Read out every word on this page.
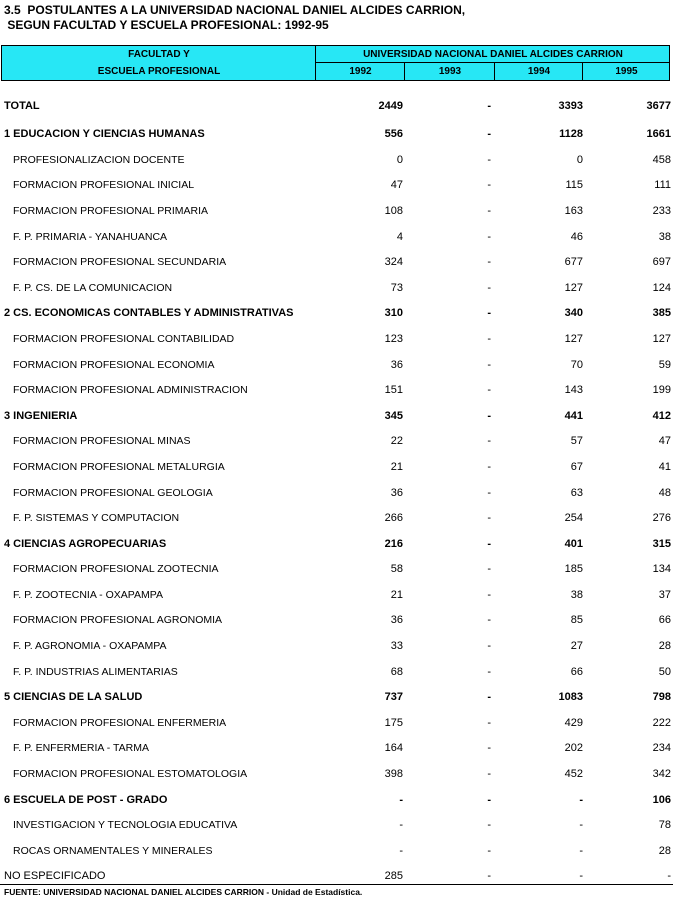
3.5  POSTULANTES A LA UNIVERSIDAD NACIONAL DANIEL ALCIDES CARRION,
SEGUN FACULTAD Y ESCUELA PROFESIONAL: 1992-95
FACULTAD Y
ESCUELA PROFESIONAL
UNIVERSIDAD NACIONAL DANIEL ALCIDES CARRION
1992	1993	1994	1995
TOTAL	2449	-	3393	3677
1 EDUCACION Y CIENCIAS HUMANAS	556	-	1128	1661
PROFESIONALIZACION DOCENTE	0	-	0	458
FORMACION PROFESIONAL INICIAL	47	-	115	111
FORMACION PROFESIONAL PRIMARIA	108	-	163	233
F. P. PRIMARIA - YANAHUANCA	4	-	46	38
FORMACION PROFESIONAL SECUNDARIA	324	-	677	697
F. P. CS. DE LA COMUNICACION	73	-	127	124
2 CS. ECONOMICAS CONTABLES Y ADMINISTRATIVAS	310	-	340	385
FORMACION PROFESIONAL CONTABILIDAD	123	-	127	127
FORMACION PROFESIONAL ECONOMIA	36	-	70	59
FORMACION PROFESIONAL ADMINISTRACION	151	-	143	199
3 INGENIERIA	345	-	441	412
FORMACION PROFESIONAL MINAS	22	-	57	47
FORMACION PROFESIONAL METALURGIA	21	-	67	41
FORMACION PROFESIONAL GEOLOGIA	36	-	63	48
F. P. SISTEMAS Y COMPUTACION	266	-	254	276
4 CIENCIAS AGROPECUARIAS	216	-	401	315
FORMACION PROFESIONAL ZOOTECNIA	58	-	185	134
F. P. ZOOTECNIA - OXAPAMPA	21	-	38	37
FORMACION PROFESIONAL AGRONOMIA	36	-	85	66
F. P. AGRONOMIA - OXAPAMPA	33	-	27	28
F. P. INDUSTRIAS ALIMENTARIAS	68	-	66	50
5 CIENCIAS DE LA SALUD	737	-	1083	798
FORMACION PROFESIONAL ENFERMERIA	175	-	429	222
F. P. ENFERMERIA - TARMA	164	-	202	234
FORMACION PROFESIONAL ESTOMATOLOGIA	398	-	452	342
6 ESCUELA DE POST - GRADO	-	-	-	106
INVESTIGACION Y TECNOLOGIA EDUCATIVA	-	-	-	78
ROCAS ORNAMENTALES Y MINERALES	-	-	-	28
NO ESPECIFICADO	285	-	-	-
FUENTE: UNIVERSIDAD NACIONAL DANIEL ALCIDES CARRION - Unidad de Estadística.
